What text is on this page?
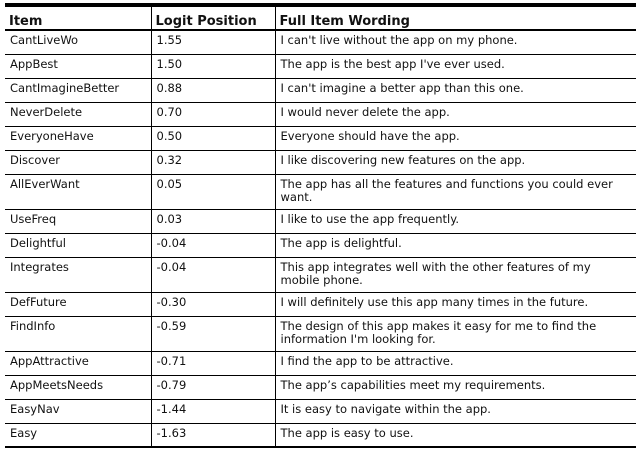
Item	Logit Position	Full Item Wording
CantLiveWo	1.55	I can't live without the app on my phone.
AppBest	1.50	The app is the best app I've ever used.
CantImagineBetter	0.88	I can't imagine a better app than this one.
NeverDelete	0.70	I would never delete the app.
EveryoneHave	0.50	Everyone should have the app.
Discover	0.32	I like discovering new features on the app.
AllEverWant	0.05	The app has all the features and functions you could ever want.
UseFreq	0.03	I like to use the app frequently.
Delightful	-0.04	The app is delightful.
Integrates	-0.04	This app integrates well with the other features of my mobile phone.
DefFuture	-0.30	I will definitely use this app many times in the future.
FindInfo	-0.59	The design of this app makes it easy for me to find the information I'm looking for.
AppAttractive	-0.71	I find the app to be attractive.
AppMeetsNeeds	-0.79	The app’s capabilities meet my requirements.
EasyNav	-1.44	It is easy to navigate within the app.
Easy	-1.63	The app is easy to use.
